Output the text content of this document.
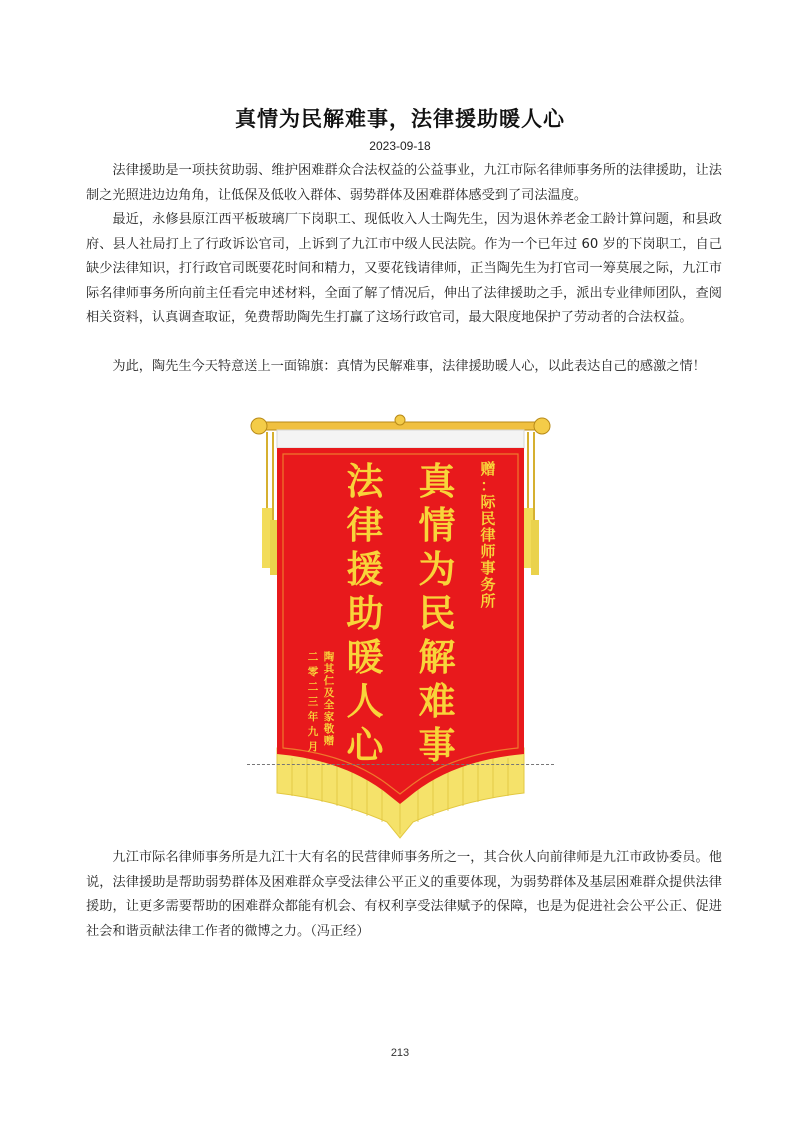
真情为民解难事，法律援助暖人心
2023-09-18

法律援助是一项扶贫助弱、维护困难群众合法权益的公益事业，九江市际名律师事务所的法律援助，让法制之光照进边边角角，让低保及低收入群体、弱势群体及困难群体感受到了司法温度。

最近，永修县原江西平板玻璃厂下岗职工、现低收入人士陶先生，因为退休养老金工龄计算问题，和县政府、县人社局打上了行政诉讼官司，上诉到了九江市中级人民法院。作为一个已年过 60 岁的下岗职工，自己缺少法律知识，打行政官司既要花时间和精力，又要花钱请律师，正当陶先生为打官司一筹莫展之际，九江市际名律师事务所向前主任看完申述材料，全面了解了情况后，伸出了法律援助之手，派出专业律师团队，查阅相关资料，认真调查取证，免费帮助陶先生打赢了这场行政官司，最大限度地保护了劳动者的合法权益。

为此，陶先生今天特意送上一面锦旗：真情为民解难事，法律援助暖人心，以此表达自己的感激之情！

赠
：
际
民
律
师
事
务
所
真
情
为
民
解
难
事
法
律
援
助
暖
人
心
陶
其
仁
及
全
家
敬
赠
二
零
二
三
年
九
月

九江市际名律师事务所是九江十大有名的民营律师事务所之一，其合伙人向前律师是九江市政协委员。他说，法律援助是帮助弱势群体及困难群众享受法律公平正义的重要体现，为弱势群体及基层困难群众提供法律援助，让更多需要帮助的困难群众都能有机会、有权利享受法律赋予的保障，也是为促进社会公平公正、促进社会和谐贡献法律工作者的微博之力。（冯正经）

213
